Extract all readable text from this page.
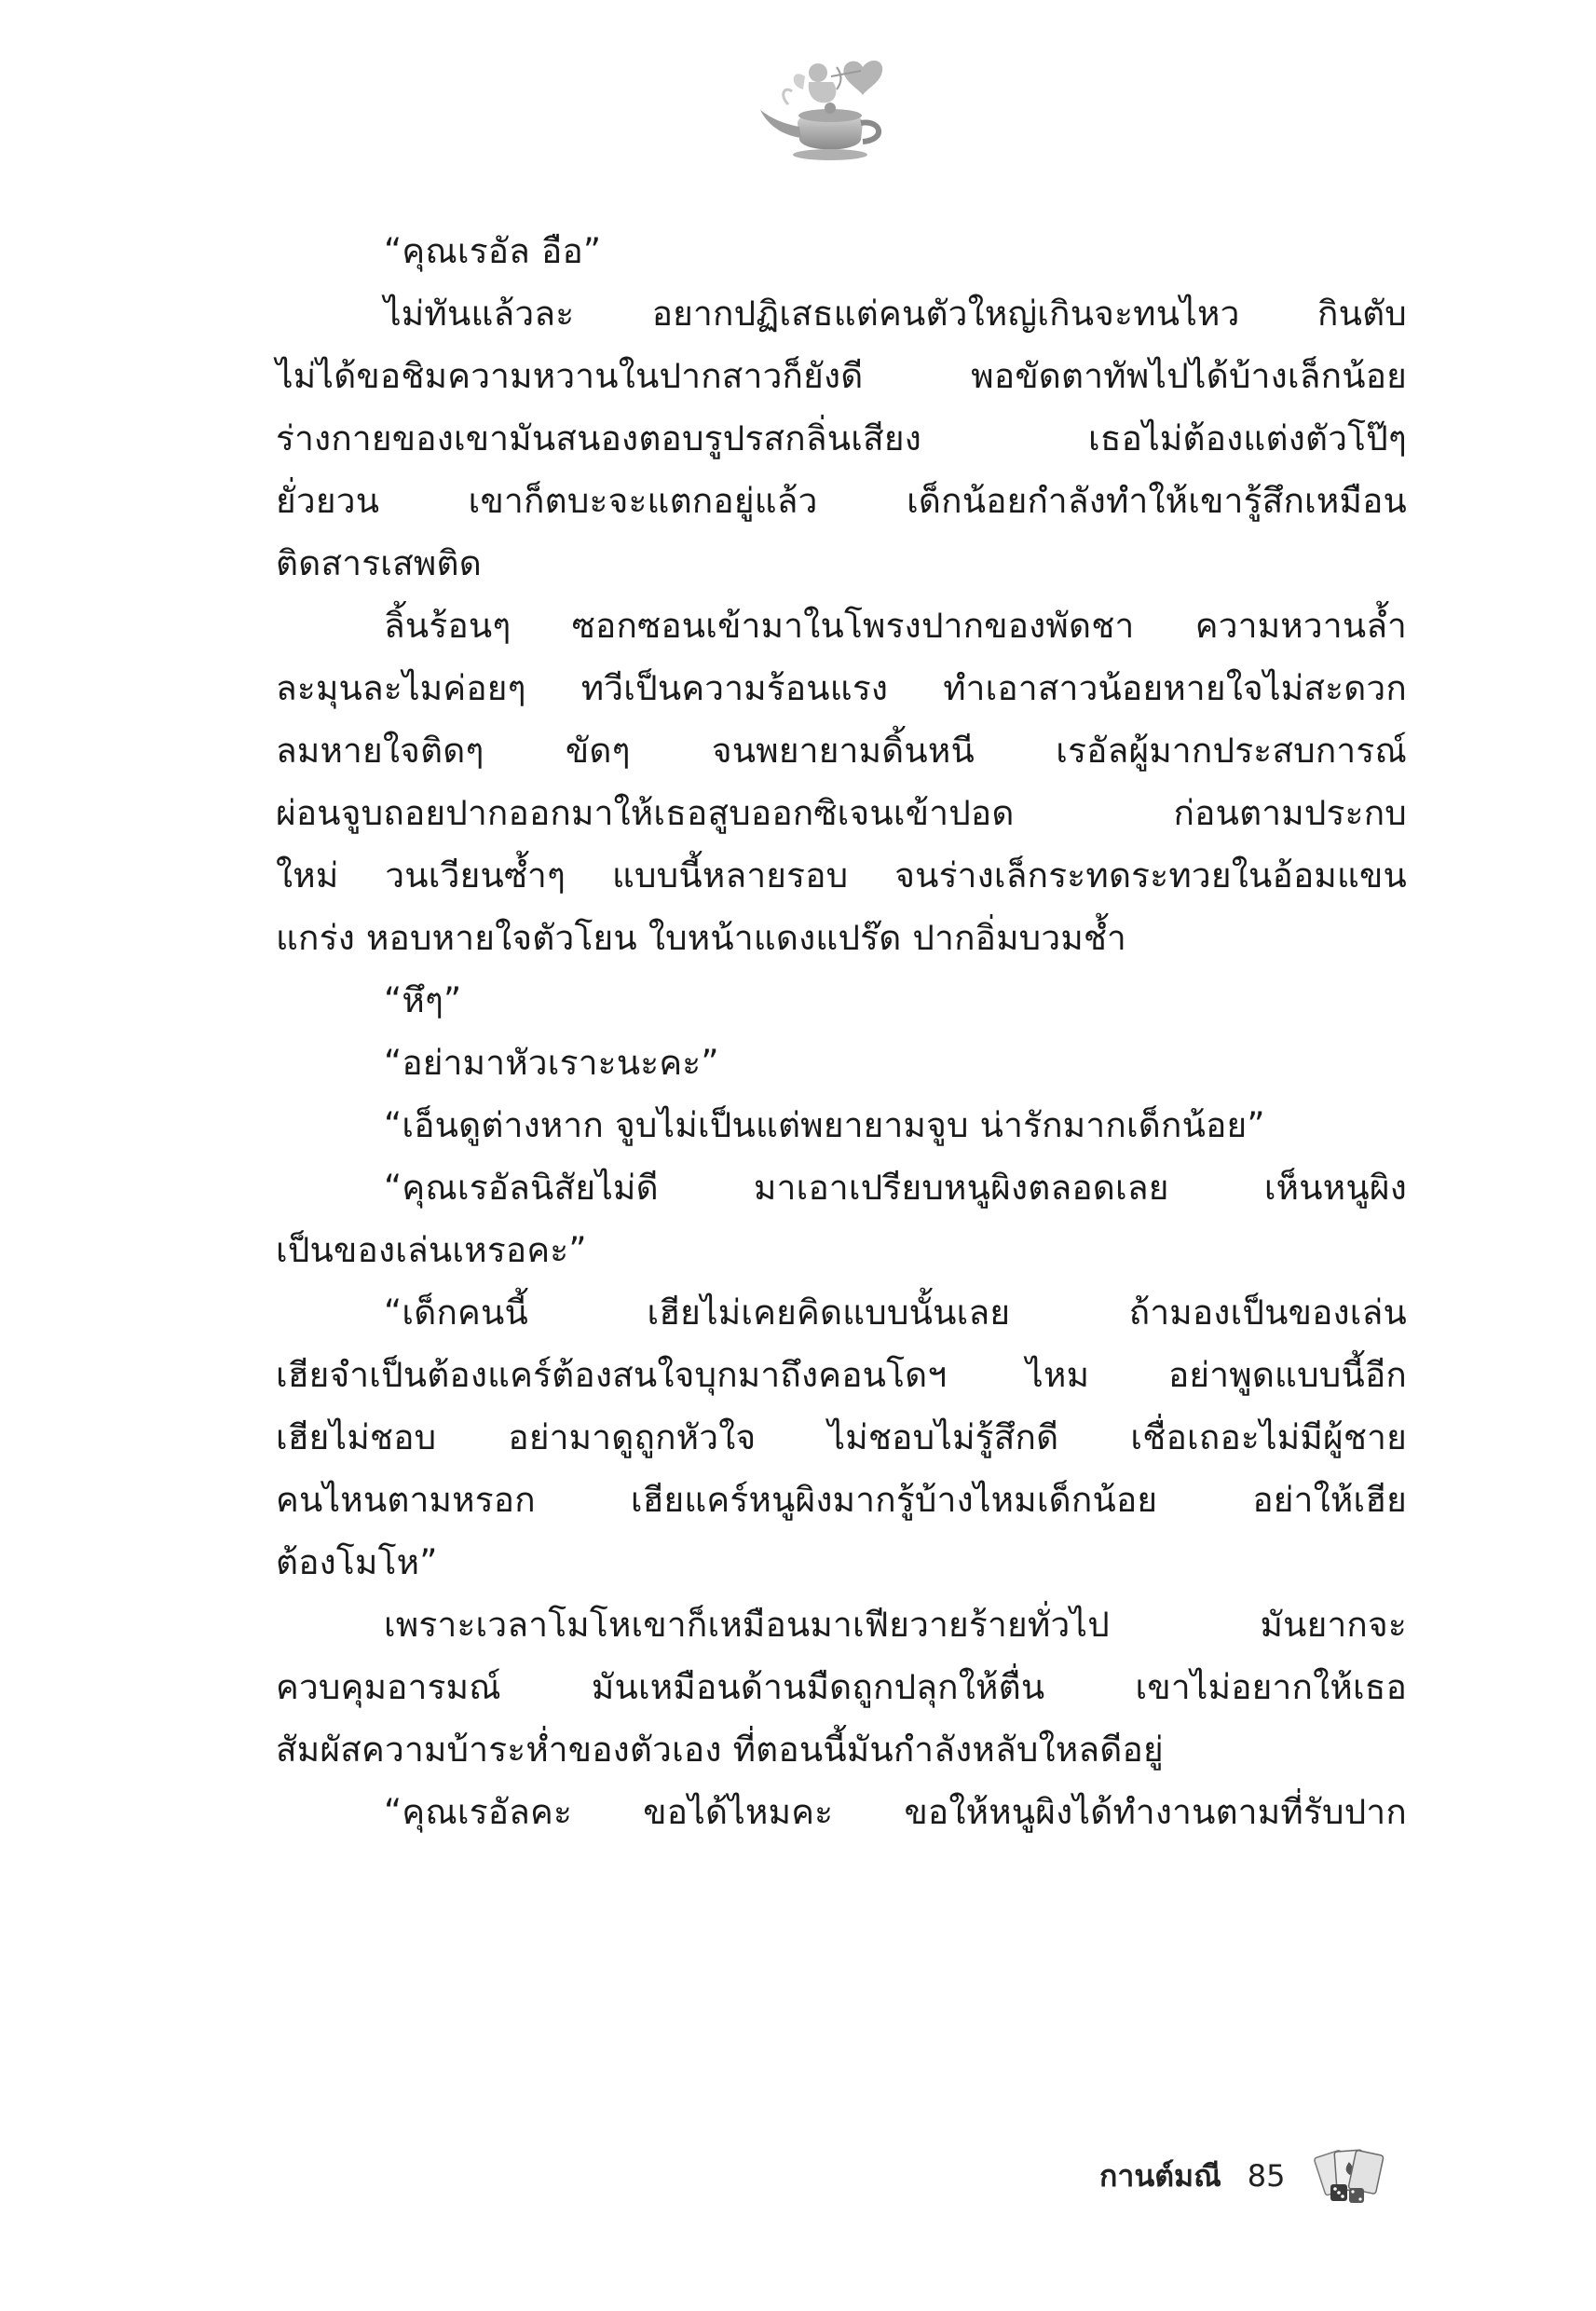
“คุณเรอัล อือ”
ไม่ทันแล้วละ อยากปฏิเสธแต่คนตัวใหญ่เกินจะทนไหว กินตับ
ไม่ได้ขอชิมความหวานในปากสาวก็ยังดี พอขัดตาทัพไปได้บ้างเล็กน้อย
ร่างกายของเขามันสนองตอบรูปรสกลิ่นเสียง เธอไม่ต้องแต่งตัวโป๊ๆ
ยั่วยวน เขาก็ตบะจะแตกอยู่แล้ว เด็กน้อยกำลังทำให้เขารู้สึกเหมือน
ติดสารเสพติด
ลิ้นร้อนๆ ซอกซอนเข้ามาในโพรงปากของพัดชา ความหวานล้ำ
ละมุนละไมค่อยๆ ทวีเป็นความร้อนแรง ทำเอาสาวน้อยหายใจไม่สะดวก
ลมหายใจติดๆ ขัดๆ จนพยายามดิ้นหนี เรอัลผู้มากประสบการณ์
ผ่อนจูบถอยปากออกมาให้เธอสูบออกซิเจนเข้าปอด ก่อนตามประกบ
ใหม่ วนเวียนซ้ำๆ แบบนี้หลายรอบ จนร่างเล็กระทดระทวยในอ้อมแขน
แกร่ง หอบหายใจตัวโยน ใบหน้าแดงแปร๊ด ปากอิ่มบวมช้ำ
“หึๆ”
“อย่ามาหัวเราะนะคะ”
“เอ็นดูต่างหาก จูบไม่เป็นแต่พยายามจูบ น่ารักมากเด็กน้อย”
“คุณเรอัลนิสัยไม่ดี มาเอาเปรียบหนูผิงตลอดเลย เห็นหนูผิง
เป็นของเล่นเหรอคะ”
“เด็กคนนี้ เฮียไม่เคยคิดแบบนั้นเลย ถ้ามองเป็นของเล่น
เฮียจำเป็นต้องแคร์ต้องสนใจบุกมาถึงคอนโดฯ ไหม อย่าพูดแบบนี้อีก
เฮียไม่ชอบ อย่ามาดูถูกหัวใจ ไม่ชอบไม่รู้สึกดี เชื่อเถอะไม่มีผู้ชาย
คนไหนตามหรอก เฮียแคร์หนูผิงมากรู้บ้างไหมเด็กน้อย อย่าให้เฮีย
ต้องโมโห”
เพราะเวลาโมโหเขาก็เหมือนมาเฟียวายร้ายทั่วไป มันยากจะ
ควบคุมอารมณ์ มันเหมือนด้านมืดถูกปลุกให้ตื่น เขาไม่อยากให้เธอ
สัมผัสความบ้าระห่ำของตัวเอง ที่ตอนนี้มันกำลังหลับใหลดีอยู่
“คุณเรอัลคะ ขอได้ไหมคะ ขอให้หนูผิงได้ทำงานตามที่รับปาก
กานต์มณี 85
